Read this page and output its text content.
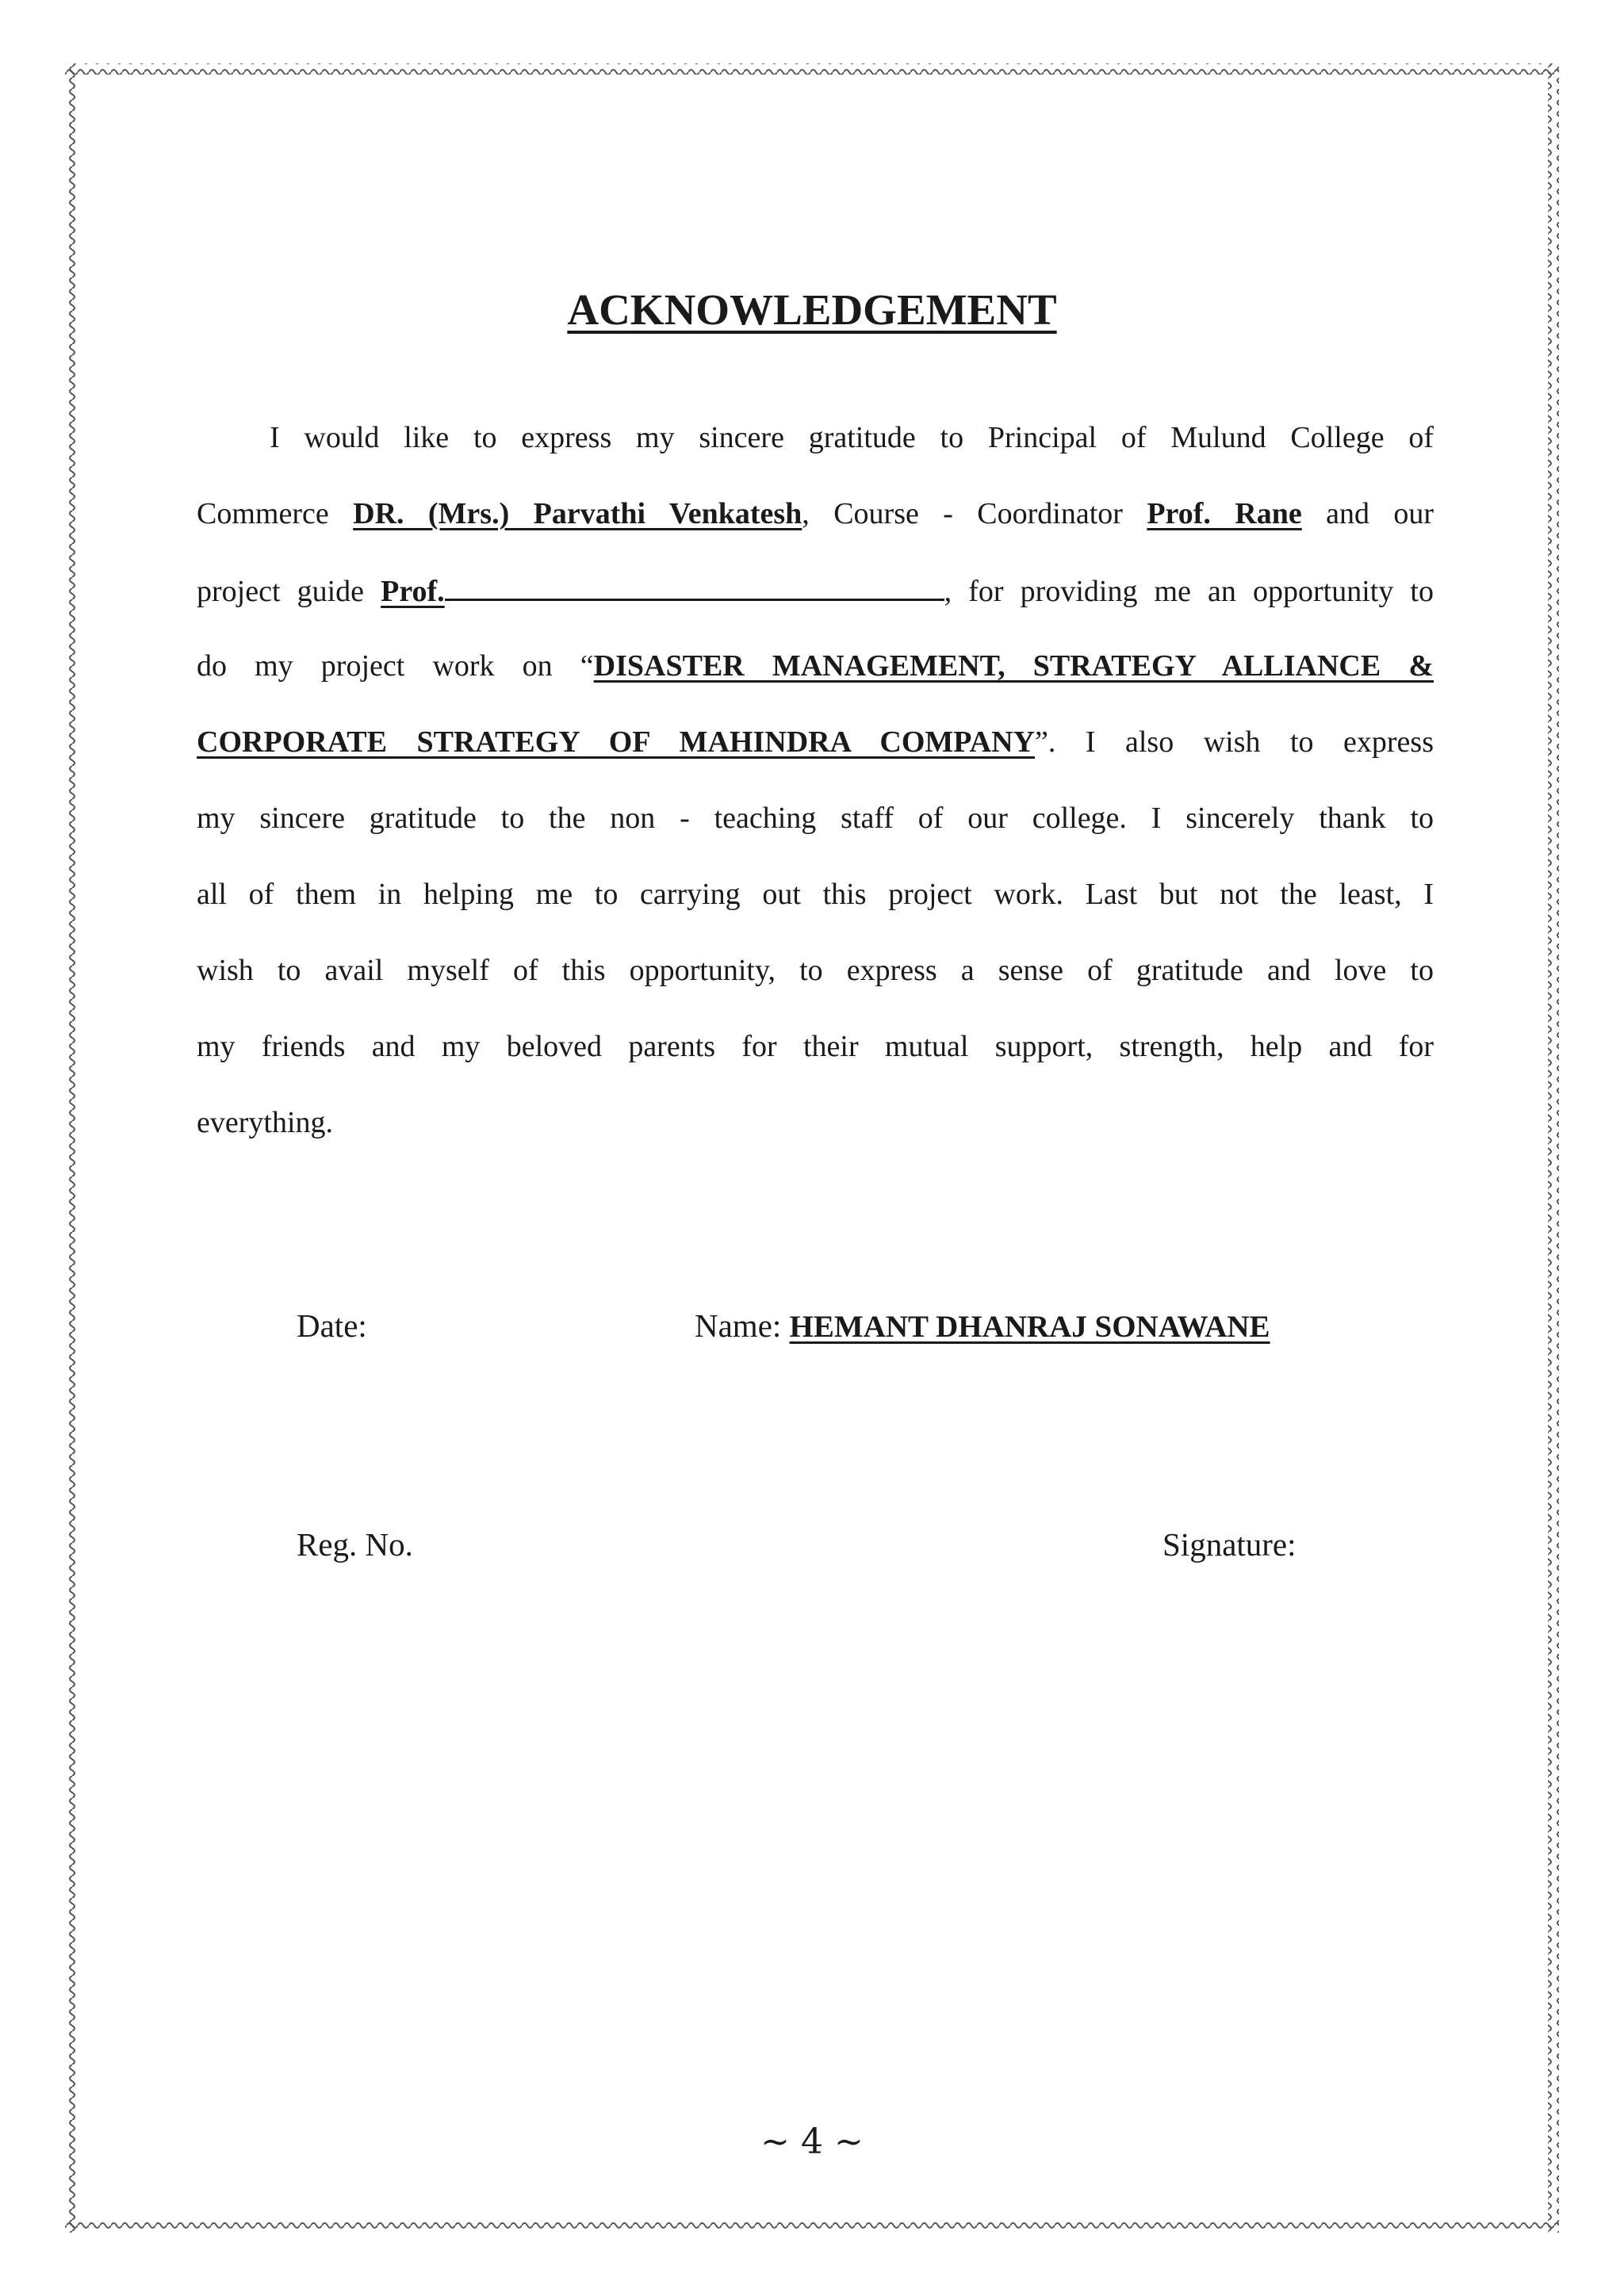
ACKNOWLEDGEMENT
I would like to express my sincere gratitude to Principal of Mulund College of
Commerce DR. (Mrs.) Parvathi Venkatesh, Course - Coordinator Prof. Rane and our
project guide Prof.	, for providing me an opportunity to
do my project work on “DISASTER MANAGEMENT, STRATEGY ALLIANCE &
CORPORATE STRATEGY OF MAHINDRA COMPANY”. I also wish to express
my sincere gratitude to the non - teaching staff of our college. I sincerely thank to
all of them in helping me to carrying out this project work. Last but not the least, I
wish to avail myself of this opportunity, to express a sense of gratitude and love to
my friends and my beloved parents for their mutual support, strength, help and for
everything.
Date:	Name: HEMANT DHANRAJ SONAWANE
Reg. No.	Signature:
~ 4 ~
